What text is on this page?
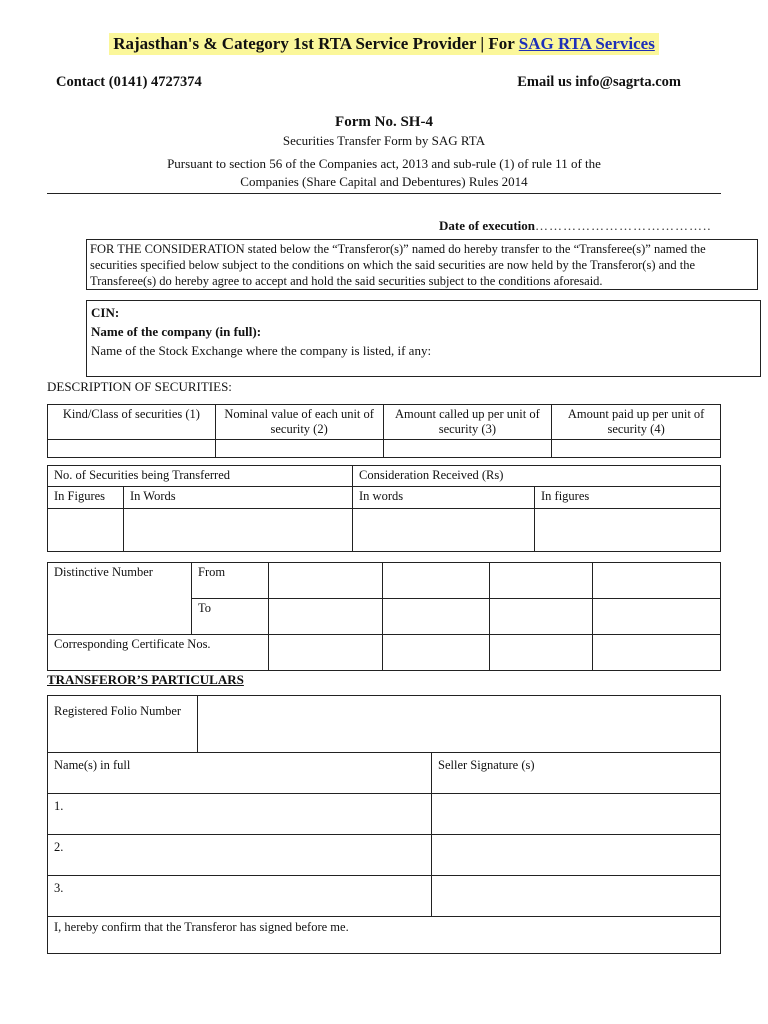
Rajasthan's & Category 1st RTA Service Provider | For SAG RTA Services
Contact (0141) 4727374	Email us info@sagrta.com
Form No. SH-4
Securities Transfer Form by SAG RTA
Pursuant to section 56 of the Companies act, 2013 and sub-rule (1) of rule 11 of the
Companies (Share Capital and Debentures) Rules 2014
Date of execution………………………………..
FOR THE CONSIDERATION stated below the “Transferor(s)” named do hereby transfer to the “Transferee(s)” named the securities specified below subject to the conditions on which the said securities are now held by the Transferor(s) and the Transferee(s) do hereby agree to accept and hold the said securities subject to the conditions aforesaid.
CIN:
Name of the company (in full):
Name of the Stock Exchange where the company is listed, if any:
DESCRIPTION OF SECURITIES:
Kind/Class of securities (1)	Nominal value of each unit of security (2)	Amount called up per unit of security (3)	Amount paid up per unit of security (4)

No. of Securities being Transferred		Consideration Received (Rs)	
In Figures	In Words	In words	In figures

Distinctive Number	From				
	To				
Corresponding Certificate Nos.					
TRANSFEROR’S PARTICULARS
Registered Folio Number		
Name(s) in full		Seller Signature (s)
1.		
2.		
3.		
I, hereby confirm that the Transferor has signed before me.		
